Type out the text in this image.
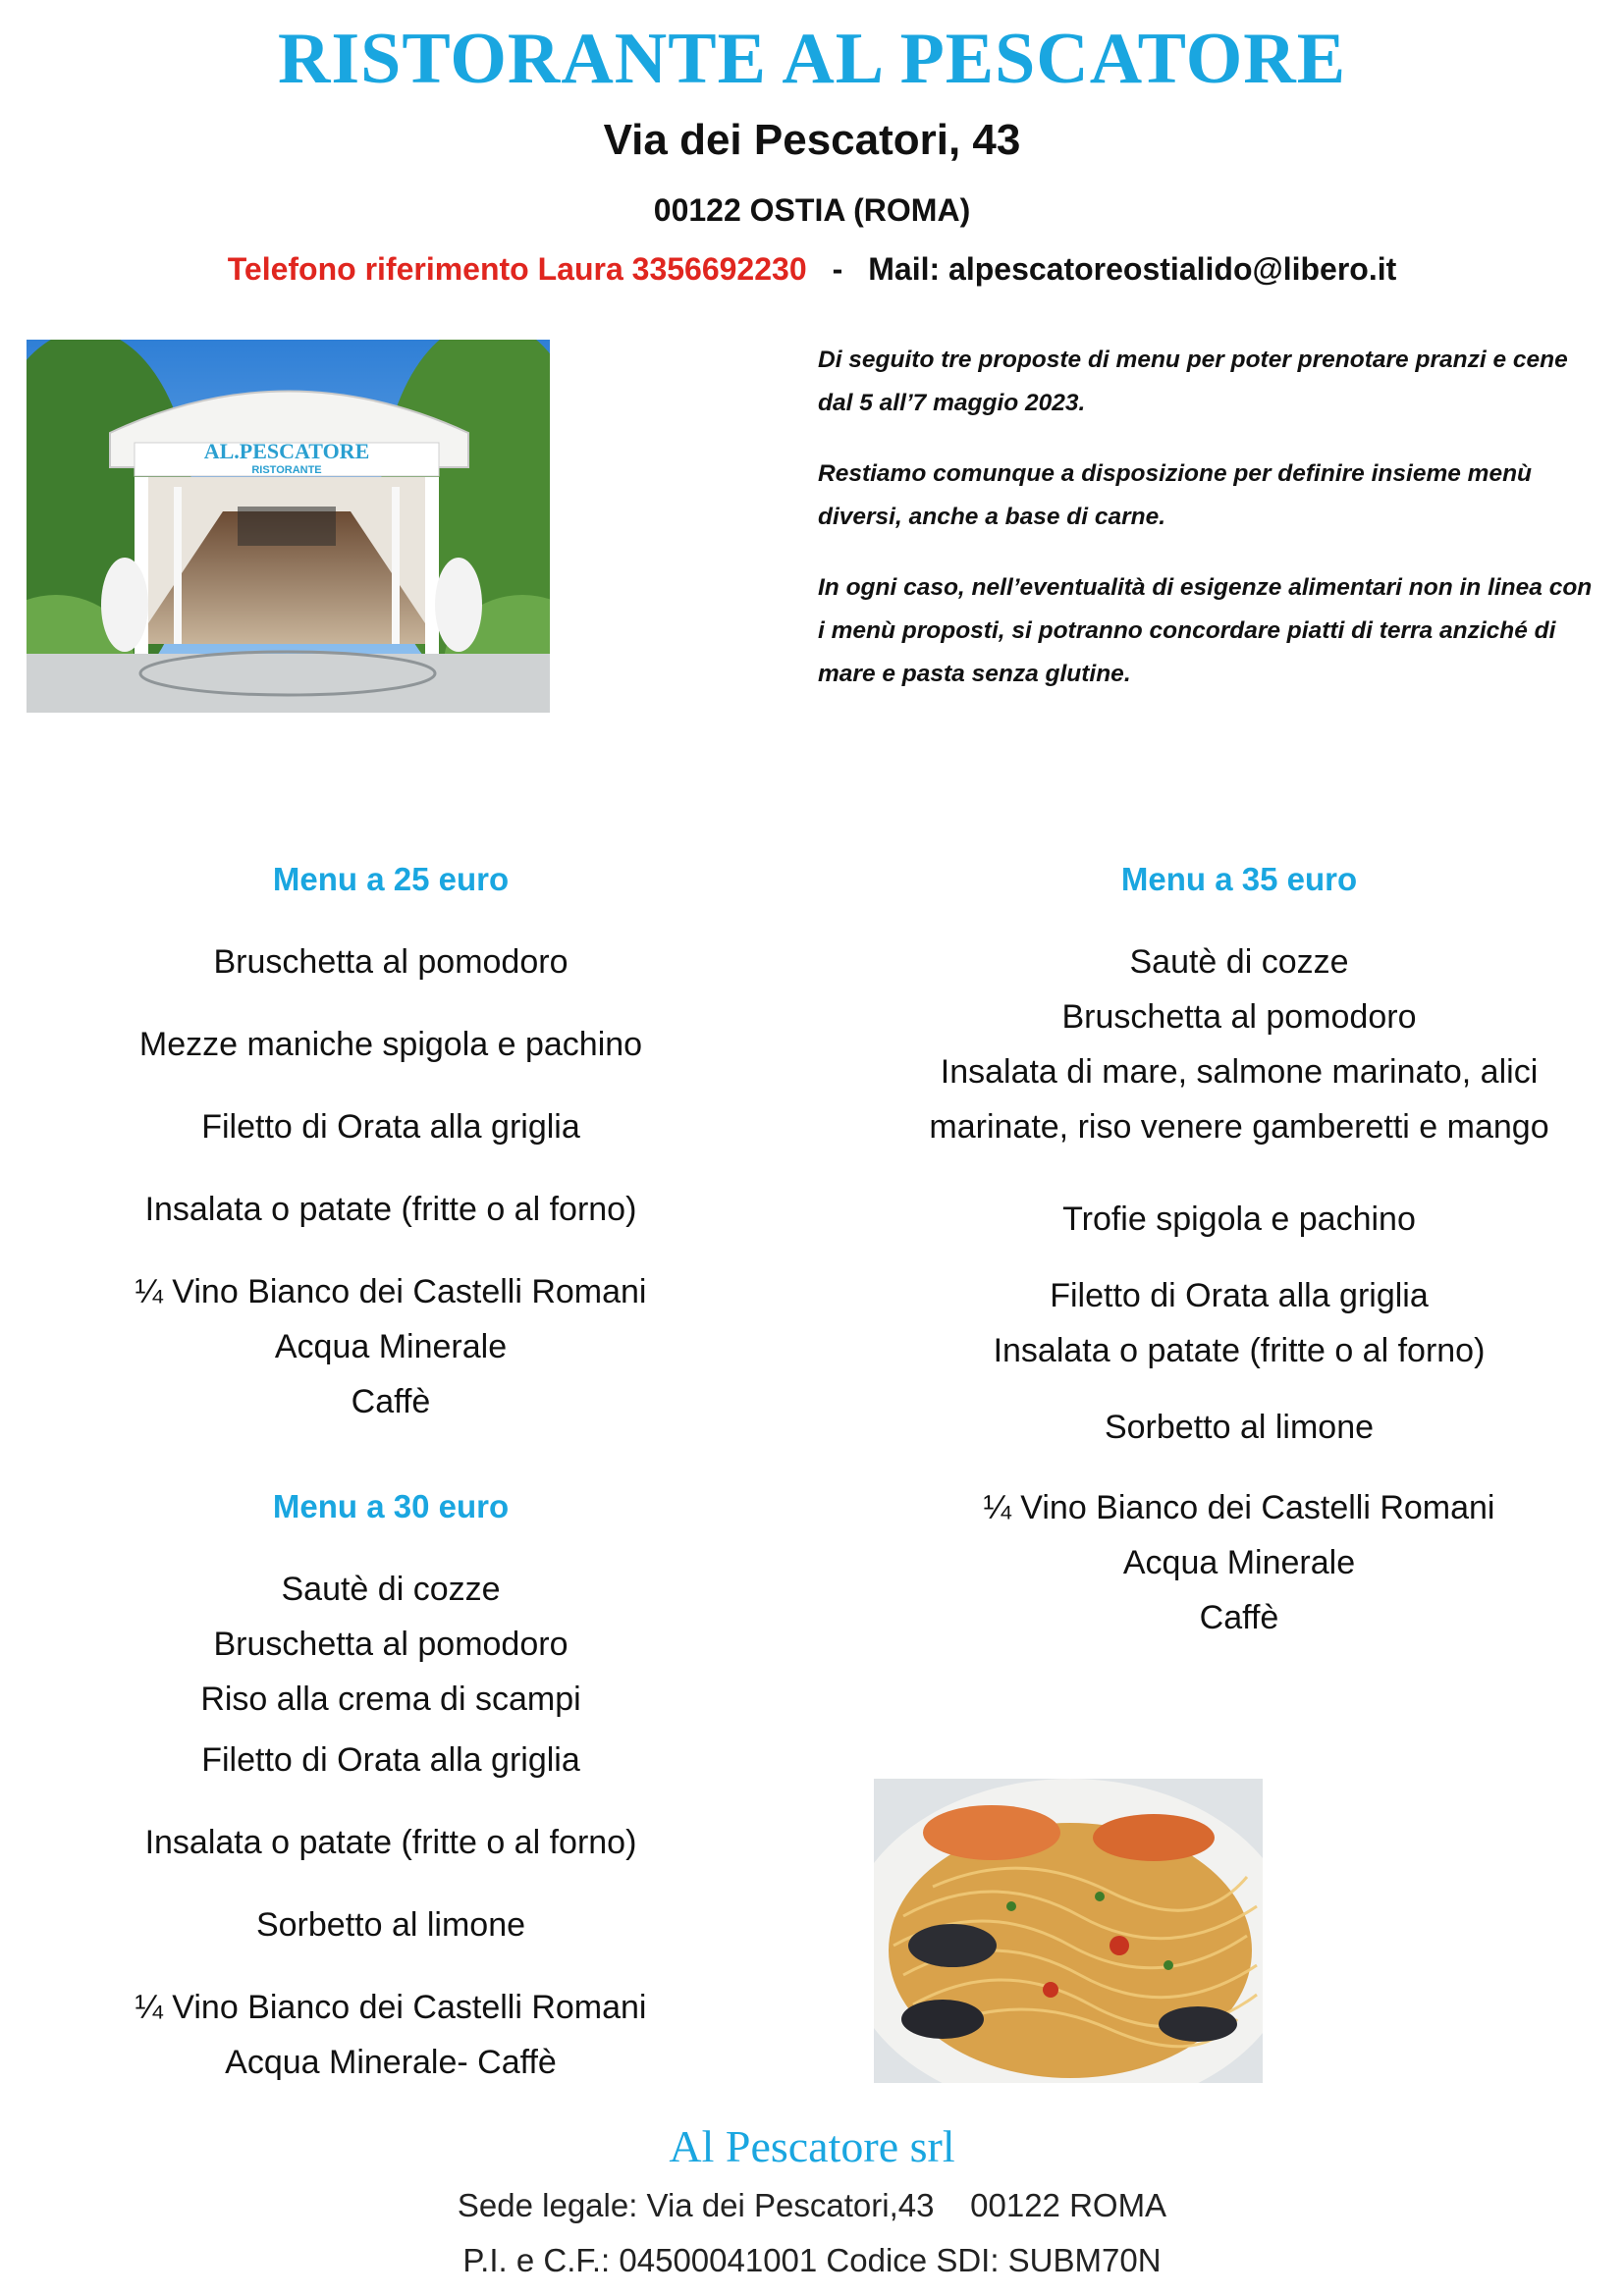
RISTORANTE AL PESCATORE
Via dei Pescatori, 43
00122 OSTIA (ROMA)
Telefono riferimento Laura 3356692230 - Mail: alpescatoreostialido@libero.it
AL.PESCATORE
RISTORANTE

Di seguito tre proposte di menu per poter prenotare pranzi e cene dal 5 all’7 maggio 2023.

Restiamo comunque a disposizione per definire insieme menù diversi, anche a base di carne.

In ogni caso, nell’eventualità di esigenze alimentari non in linea con i menù proposti, si potranno concordare piatti di terra anziché di mare e pasta senza glutine.

Menu a 25 euro
Bruschetta al pomodoro
Mezze maniche spigola e pachino
Filetto di Orata alla griglia
Insalata o patate (fritte o al forno)
¼ Vino Bianco dei Castelli Romani
Acqua Minerale
Caffè
Menu a 30 euro
Sautè di cozze
Bruschetta al pomodoro
Riso alla crema di scampi
Filetto di Orata alla griglia
Insalata o patate (fritte o al forno)
Sorbetto al limone
¼ Vino Bianco dei Castelli Romani
Acqua Minerale- Caffè
Menu a 35 euro
Sautè di cozze
Bruschetta al pomodoro
Insalata di mare, salmone marinato, alici
marinate, riso venere gamberetti e mango
Trofie spigola e pachino
Filetto di Orata alla griglia
Insalata o patate (fritte o al forno)
Sorbetto al limone
¼ Vino Bianco dei Castelli Romani
Acqua Minerale
Caffè
Al Pescatore srl
Sede legale: Via dei Pescatori,43    00122 ROMA
P.I. e C.F.: 04500041001 Codice SDI: SUBM70N
